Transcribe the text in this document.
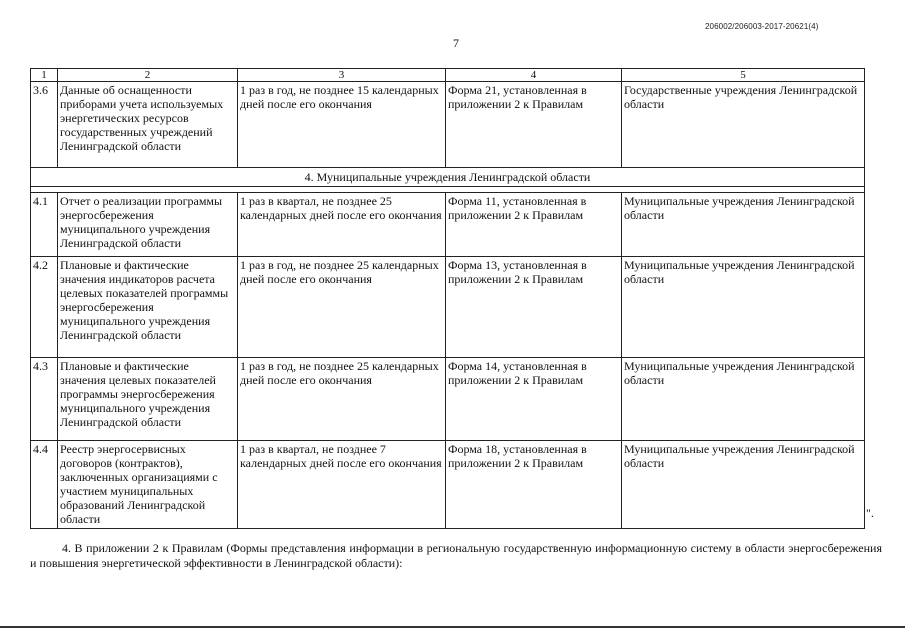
206002/206003-2017-20621(4)
7
1	2	3	4	5
3.6	Данные об оснащенности приборами учета используемых энергетических ресурсов государственных учреждений Ленинградской области	1 раз в год, не позднее 15 календарных дней после его окончания	Форма 21, установленная в приложении 2 к Правилам	Государственные учреждения Ленинградской области
4. Муниципальные учреждения Ленинградской области				

4.1	Отчет о реализации программы энергосбережения муниципального учреждения Ленинградской области	1 раз в квартал, не позднее 25 календарных дней после его окончания	Форма 11, установленная в приложении 2 к Правилам	Муниципальные учреждения Ленинградской области
4.2	Плановые и фактические значения индикаторов расчета целевых показателей программы энергосбережения муниципального учреждения Ленинградской области	1 раз в год, не позднее 25 календарных дней после его окончания	Форма 13, установленная в приложении 2 к Правилам	Муниципальные учреждения Ленинградской области
4.3	Плановые и фактические значения целевых показателей программы энергосбережения муниципального учреждения Ленинградской области	1 раз в год, не позднее 25 календарных дней после его окончания	Форма 14, установленная в приложении 2 к Правилам	Муниципальные учреждения Ленинградской области
4.4	Реестр энергосервисных договоров (контрактов), заключенных организациями с участием муниципальных образований Ленинградской области	1 раз в квартал, не позднее 7 календарных дней после его окончания	Форма 18, установленная в приложении 2 к Правилам	Муниципальные учреждения Ленинградской области
".
4. В приложении 2 к Правилам (Формы представления информации в региональную государственную информационную систему в области энергосбережения и повышения энергетической эффективности в Ленинградской области):
